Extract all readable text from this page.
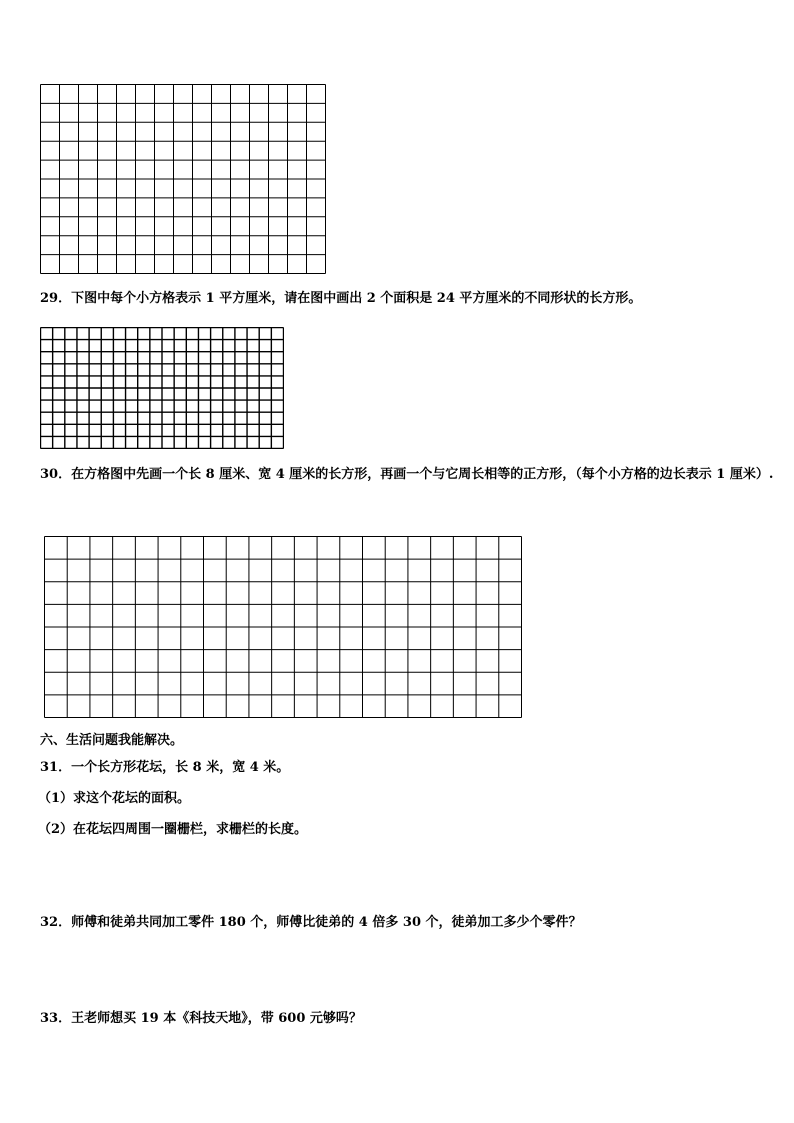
29．下图中每个小方格表示 1 平方厘米，请在图中画出 2 个面积是 24 平方厘米的不同形状的长方形。
30．在方格图中先画一个长 8 厘米、宽 4 厘米的长方形，再画一个与它周长相等的正方形，（每个小方格的边长表示 1 厘米）.
六、生活问题我能解决。
31．一个长方形花坛，长 8 米，宽 4 米。
（1）求这个花坛的面积。
（2）在花坛四周围一圈栅栏，求栅栏的长度。
32．师傅和徒弟共同加工零件 180 个，师傅比徒弟的 4 倍多 30 个，徒弟加工多少个零件？
33．王老师想买 19 本《科技天地》，带 600 元够吗？
